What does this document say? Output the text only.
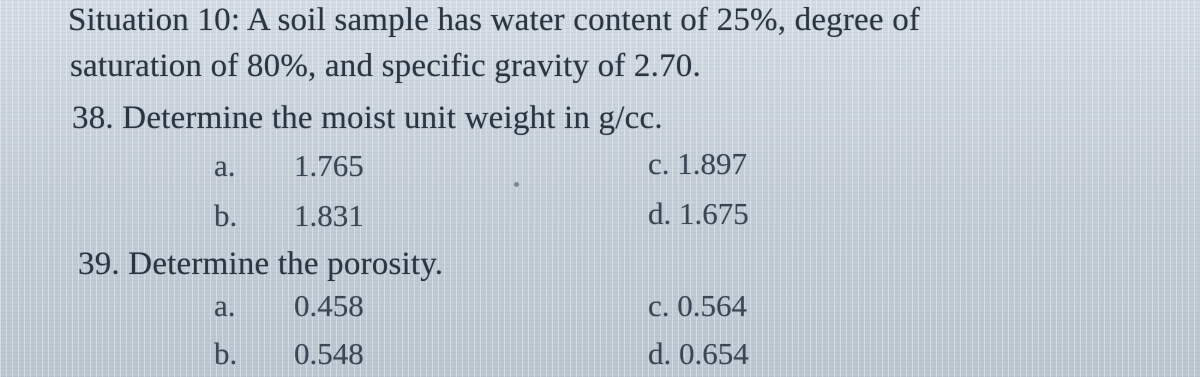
Situation 10: A soil sample has water content of 25%, degree of
saturation of 80%, and specific gravity of 2.70.
38. Determine the moist unit weight in g/cc.
a. 1.765	c. 1.897
b. 1.831	d. 1.675
39. Determine the porosity.
a. 0.458	c. 0.564
b. 0.548	d. 0.654
